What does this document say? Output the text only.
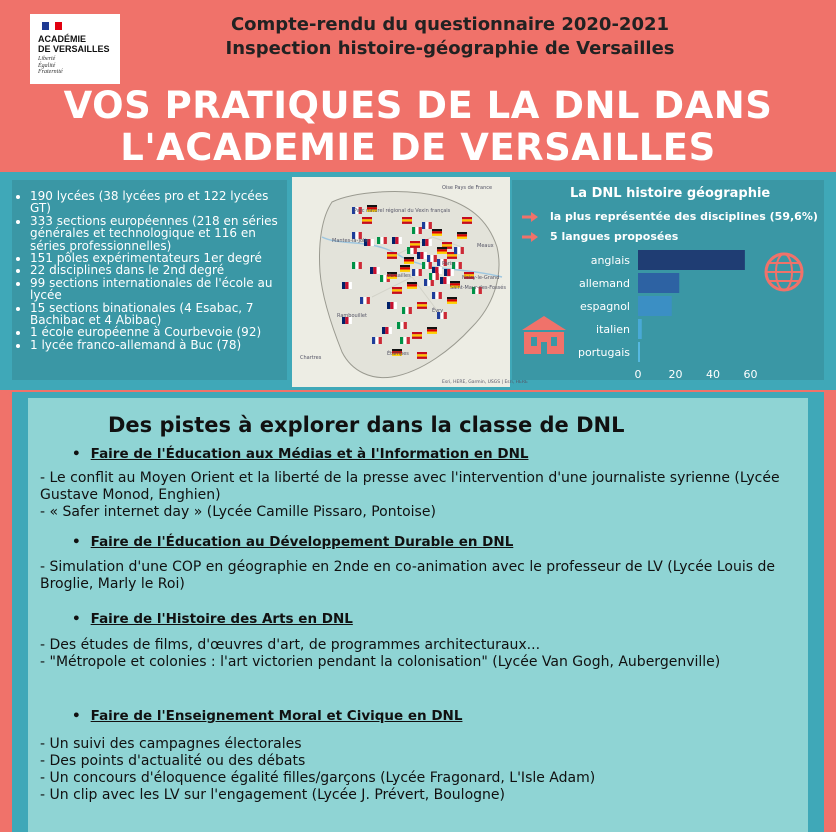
ACADÉMIE
DE VERSAILLES
Liberté
Égalité
Fraternité
Compte-rendu du questionnaire 2020-2021
Inspection histoire-géographie de Versailles
VOS PRATIQUES DE LA DNL DANS
L'ACADEMIE DE VERSAILLES
• 190 lycées (38 lycées pro et 122 lycées GT)
• 333 sections européennes (218 en séries générales et technologique et 116 en séries professionnelles)
• 151 pôles expérimentateurs 1er degré
• 22 disciplines dans le 2nd degré
• 99 sections internationales de l'école au lycée
• 15 sections binationales (4 Esabac, 7 Bachibac et 4 Abibac)
• 1 école européenne à Courbevoie (92)
• 1 lycée franco-allemand à Buc (78)
Parc naturel régional du Vexin français
Mantes-la-Jolie
Versailles
Paris
Rambouillet
Évry
Étampes
Chartres
Meaux
Noisy-le-Grand
Saint-Maur-des-Fossés
Oise Pays de France
Esri, HERE, Garmin, USGS | Esri, HERE
La DNL histoire géographie
la plus représentée des disciplines (59,6%)
5 langues proposées
anglais
allemand
espagnol
italien
portugais
0 20 40 60
Des pistes à explorer dans la classe de DNL
• Faire de l'Éducation aux Médias et à l'Information en DNL

- Le conflit au Moyen Orient et la liberté de la presse avec l'intervention d'une journaliste syrienne (Lycée Gustave Monod, Enghien)

- « Safer internet day » (Lycée Camille Pissaro, Pontoise)

• Faire de l'Éducation au Développement Durable en DNL

- Simulation d'une COP en géographie en 2nde en co-animation avec le professeur de LV (Lycée Louis de Broglie, Marly le Roi)

• Faire de l'Histoire des Arts en DNL

- Des études de films, d'œuvres d'art, de programmes architecturaux...

- "Métropole et colonies : l'art victorien pendant la colonisation" (Lycée Van Gogh, Aubergenville)

• Faire de l'Enseignement Moral et Civique en DNL

- Un suivi des campagnes électorales

- Des points d'actualité ou des débats

- Un concours d'éloquence égalité filles/garçons (Lycée Fragonard, L'Isle Adam)

- Un clip avec les LV sur l'engagement (Lycée J. Prévert, Boulogne)
